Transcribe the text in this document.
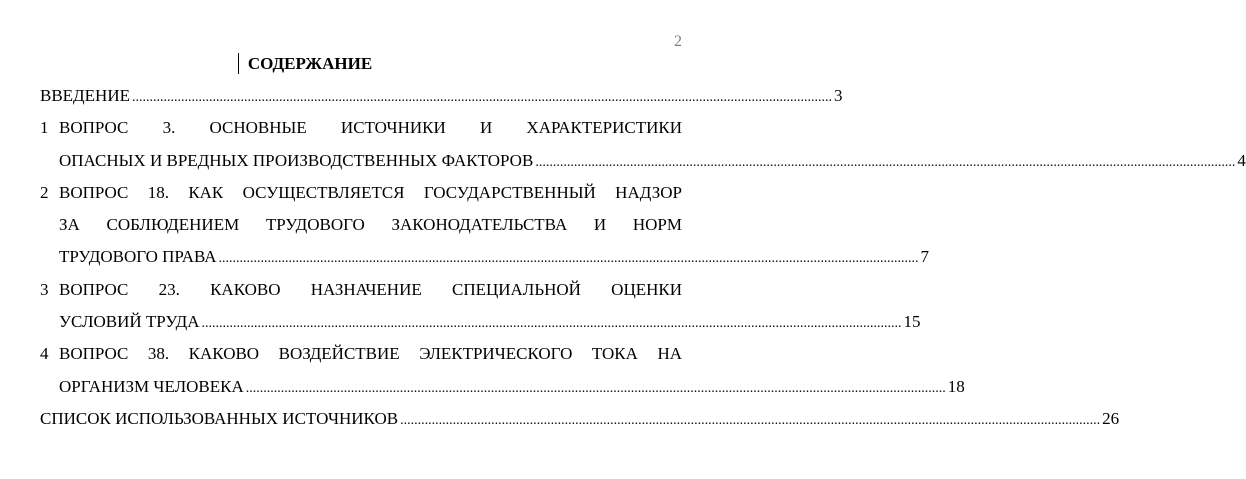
2
СОДЕРЖАНИЕ
ВВЕДЕНИЕ ........................................................................................................................................................................................................ 3
1 ВОПРОС 3. ОСНОВНЫЕ ИСТОЧНИКИ И ХАРАКТЕРИСТИКИ
ОПАСНЫХ И ВРЕДНЫХ ПРОИЗВОДСТВЕННЫХ ФАКТОРОВ ........................................................................................................................................................................................................ 4
2 ВОПРОС 18. КАК ОСУЩЕСТВЛЯЕТСЯ ГОСУДАРСТВЕННЫЙ НАДЗОР
ЗА СОБЛЮДЕНИЕМ ТРУДОВОГО ЗАКОНОДАТЕЛЬСТВА И НОРМ
ТРУДОВОГО ПРАВА ........................................................................................................................................................................................................ 7
3 ВОПРОС 23. КАКОВО НАЗНАЧЕНИЕ СПЕЦИАЛЬНОЙ ОЦЕНКИ
УСЛОВИЙ ТРУДА ........................................................................................................................................................................................................ 15
4 ВОПРОС 38. КАКОВО ВОЗДЕЙСТВИЕ ЭЛЕКТРИЧЕСКОГО ТОКА НА
ОРГАНИЗМ ЧЕЛОВЕКА ........................................................................................................................................................................................................ 18
СПИСОК ИСПОЛЬЗОВАННЫХ ИСТОЧНИКОВ ........................................................................................................................................................................................................ 26
